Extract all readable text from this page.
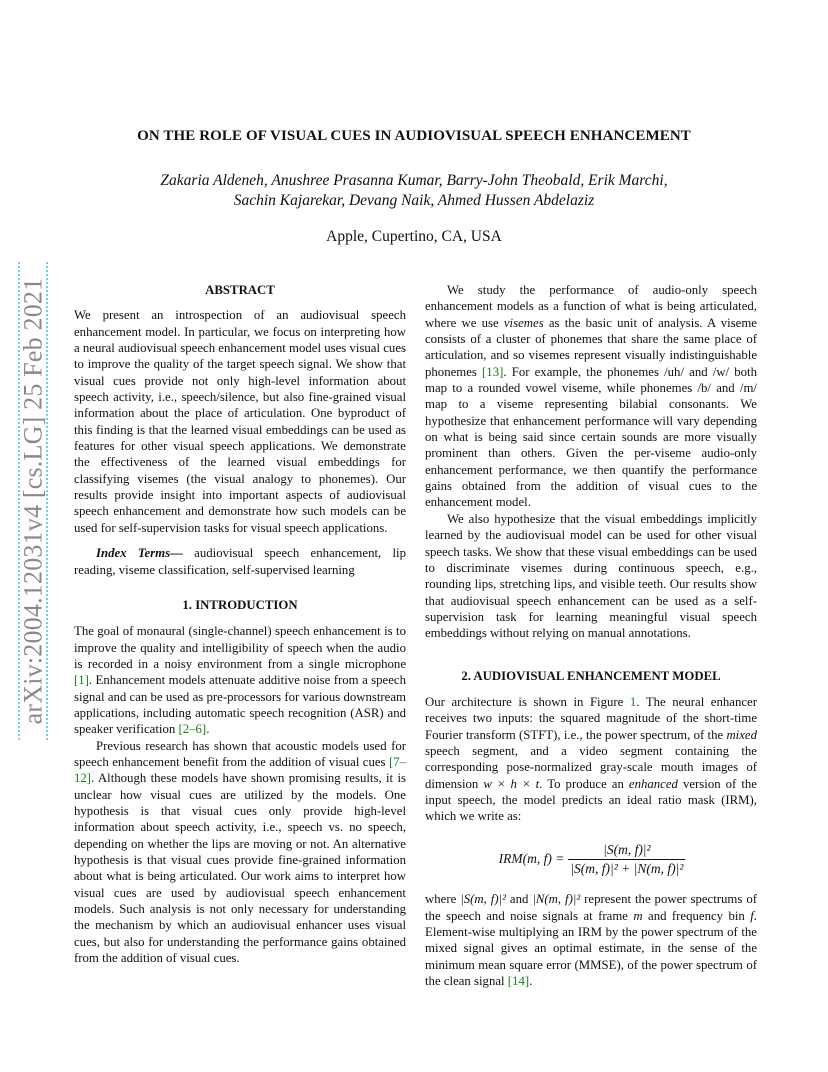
arXiv:2004.12031v4 [cs.LG] 25 Feb 2021
ON THE ROLE OF VISUAL CUES IN AUDIOVISUAL SPEECH ENHANCEMENT
Zakaria Aldeneh, Anushree Prasanna Kumar, Barry-John Theobald, Erik Marchi,
Sachin Kajarekar, Devang Naik, Ahmed Hussen Abdelaziz
Apple, Cupertino, CA, USA

ABSTRACT

We present an introspection of an audiovisual speech enhancement model. In particular, we focus on interpreting how a neural audiovisual speech enhancement model uses visual cues to improve the quality of the target speech signal. We show that visual cues provide not only high-level information about speech activity, i.e., speech/silence, but also fine-grained visual information about the place of articulation. One byproduct of this finding is that the learned visual embeddings can be used as features for other visual speech applications. We demonstrate the effectiveness of the learned visual embeddings for classifying visemes (the visual analogy to phonemes). Our results provide insight into important aspects of audiovisual speech enhancement and demonstrate how such models can be used for self-supervision tasks for visual speech applications.

Index Terms— audiovisual speech enhancement, lip reading, viseme classification, self-supervised learning

1. INTRODUCTION

The goal of monaural (single-channel) speech enhancement is to improve the quality and intelligibility of speech when the audio is recorded in a noisy environment from a single microphone [1]. Enhancement models attenuate additive noise from a speech signal and can be used as pre-processors for various downstream applications, including automatic speech recognition (ASR) and speaker verification [2–6].

Previous research has shown that acoustic models used for speech enhancement benefit from the addition of visual cues [7–12]. Although these models have shown promising results, it is unclear how visual cues are utilized by the models. One hypothesis is that visual cues only provide high-level information about speech activity, i.e., speech vs. no speech, depending on whether the lips are moving or not. An alternative hypothesis is that visual cues provide fine-grained information about what is being articulated. Our work aims to interpret how visual cues are used by audiovisual speech enhancement models. Such analysis is not only necessary for understanding the mechanism by which an audiovisual enhancer uses visual cues, but also for understanding the performance gains obtained from the addition of visual cues.

We study the performance of audio-only speech enhancement models as a function of what is being articulated, where we use visemes as the basic unit of analysis. A viseme consists of a cluster of phonemes that share the same place of articulation, and so visemes represent visually indistinguishable phonemes [13]. For example, the phonemes /uh/ and /w/ both map to a rounded vowel viseme, while phonemes /b/ and /m/ map to a viseme representing bilabial consonants. We hypothesize that enhancement performance will vary depending on what is being said since certain sounds are more visually prominent than others. Given the per-viseme audio-only enhancement performance, we then quantify the performance gains obtained from the addition of visual cues to the enhancement model.

We also hypothesize that the visual embeddings implicitly learned by the audiovisual model can be used for other visual speech tasks. We show that these visual embeddings can be used to discriminate visemes during continuous speech, e.g., rounding lips, stretching lips, and visible teeth. Our results show that audiovisual speech enhancement can be used as a self-supervision task for learning meaningful visual speech embeddings without relying on manual annotations.

2. AUDIOVISUAL ENHANCEMENT MODEL

Our architecture is shown in Figure 1. The neural enhancer receives two inputs: the squared magnitude of the short-time Fourier transform (STFT), i.e., the power spectrum, of the mixed speech segment, and a video segment containing the corresponding pose-normalized gray-scale mouth images of dimension w × h × t. To produce an enhanced version of the input speech, the model predicts an ideal ratio mask (IRM), which we write as:

IRM(m, $f) = \frac{\text{|S(m, f)|²}}{\text{|S(m, f)|² + |N(m, f)|²}}$

where |S(m, f)|² and |N(m, f)|² represent the power spectrums of the speech and noise signals at frame m and frequency bin f. Element-wise multiplying an IRM by the power spectrum of the mixed signal gives an optimal estimate, in the sense of the minimum mean square error (MMSE), of the power spectrum of the clean signal [14].
